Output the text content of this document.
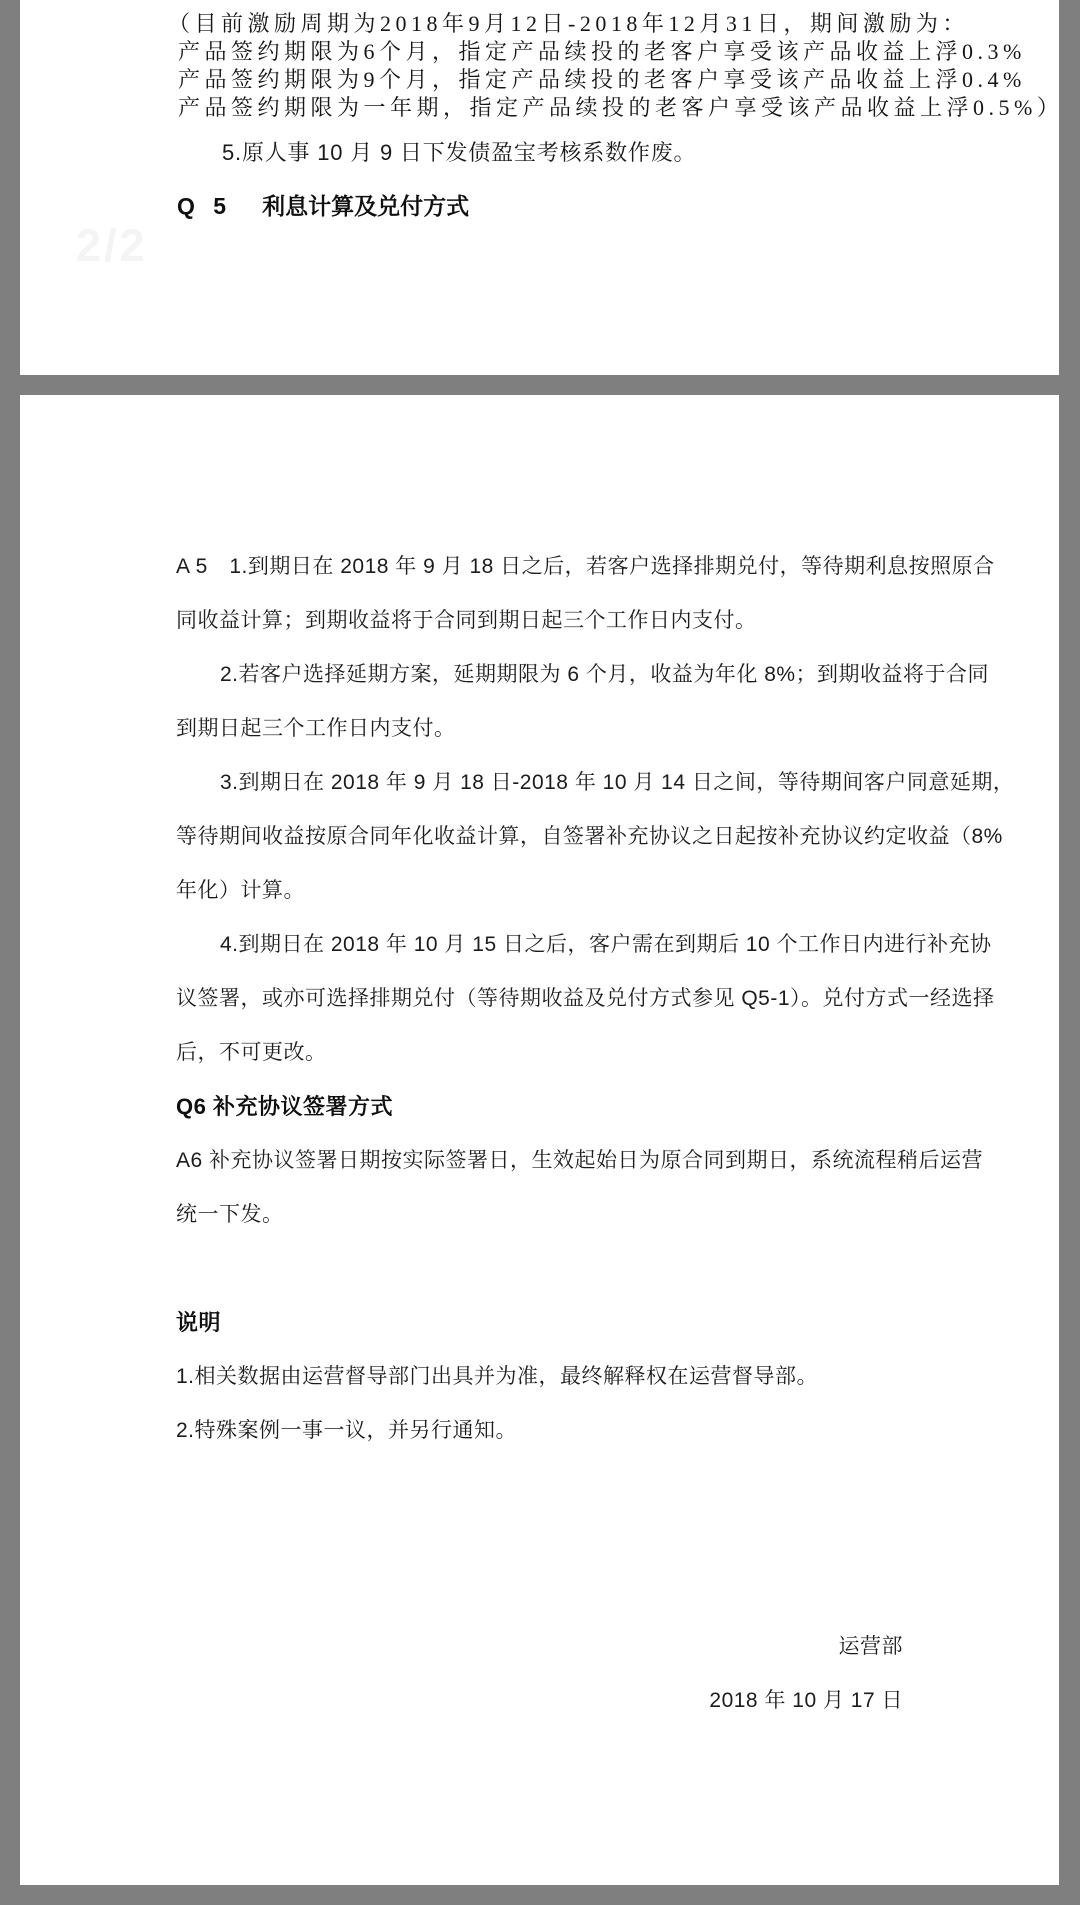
2/2
（目前激励周期为2018年9月12日-2018年12月31日，期间激励为：
产品签约期限为6个月，指定产品续投的老客户享受该产品收益上浮0.3%
产品签约期限为9个月，指定产品续投的老客户享受该产品收益上浮0.4%
产品签约期限为一年期，指定产品续投的老客户享受该产品收益上浮0.5%）
5.原人事 10 月 9 日下发债盈宝考核系数作废。
Q 5 利息计算及兑付方式
A 5　1.到期日在 2018 年 9 月 18 日之后，若客户选择排期兑付，等待期利息按照原合
同收益计算；到期收益将于合同到期日起三个工作日内支付。
2.若客户选择延期方案，延期期限为 6 个月，收益为年化 8%；到期收益将于合同
到期日起三个工作日内支付。
3.到期日在 2018 年 9 月 18 日-2018 年 10 月 14 日之间，等待期间客户同意延期，
等待期间收益按原合同年化收益计算，自签署补充协议之日起按补充协议约定收益（8%
年化）计算。
4.到期日在 2018 年 10 月 15 日之后，客户需在到期后 10 个工作日内进行补充协
议签署，或亦可选择排期兑付（等待期收益及兑付方式参见 Q5-1）。兑付方式一经选择
后，不可更改。
Q6 补充协议签署方式
A6 补充协议签署日期按实际签署日，生效起始日为原合同到期日，系统流程稍后运营
统一下发。
说明
1.相关数据由运营督导部门出具并为准，最终解释权在运营督导部。
2.特殊案例一事一议，并另行通知。
运营部
2018 年 10 月 17 日
